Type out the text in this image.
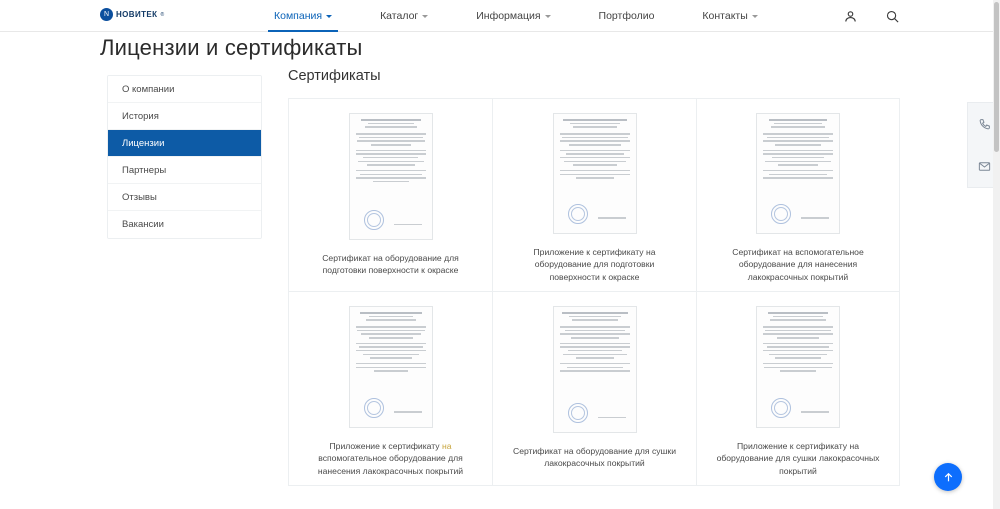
N НОВИТЕК ®	Компания	Каталог	Информация	Портфолио	Контакты
Лицензии и сертификаты
О компании
История
Лицензии
Партнеры
Отзывы
Вакансии
Сертификаты
Сертификат на оборудование для подготовки поверхности к окраске
Приложение к сертификату на оборудование для подготовки поверхности к окраске
Сертификат на вспомогательное оборудование для нанесения лакокрасочных покрытий
Приложение к сертификату на вспомогательное оборудование для нанесения лакокрасочных покрытий
Сертификат на оборудование для сушки лакокрасочных покрытий
Приложение к сертификату на оборудование для сушки лакокрасочных покрытий
